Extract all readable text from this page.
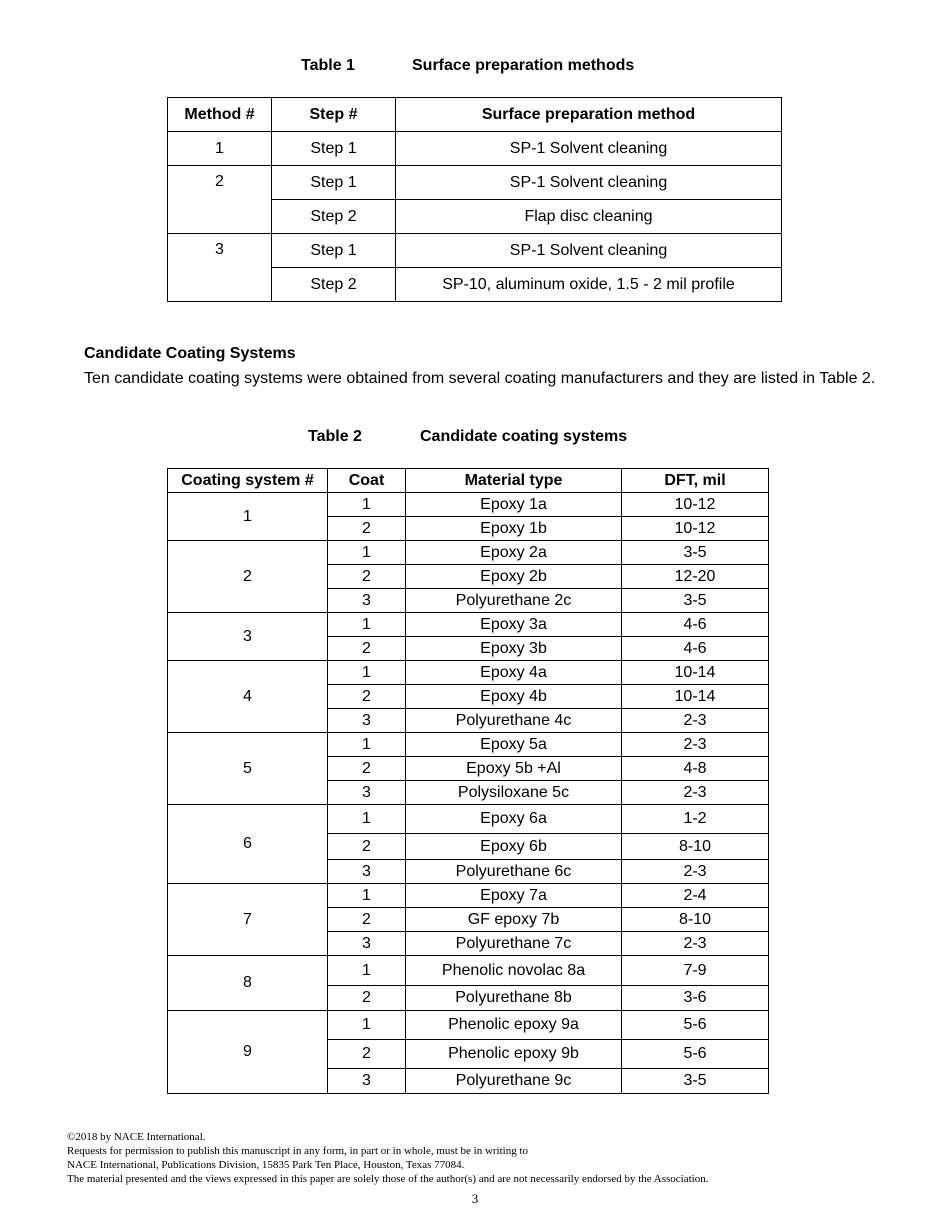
Table 1	Surface preparation methods
Method #	Step #	Surface preparation method
1	Step 1	SP-1 Solvent cleaning
2	Step 1	SP-1 Solvent cleaning
	Step 2	Flap disc cleaning
3	Step 1	SP-1 Solvent cleaning
	Step 2	SP-10, aluminum oxide, 1.5 - 2 mil profile
Candidate Coating Systems
Ten candidate coating systems were obtained from several coating manufacturers and they are listed in Table 2.
Table 2	Candidate coating systems
Coating system #	Coat	Material type	DFT, mil
1	1	Epoxy 1a	10-12
	2	Epoxy 1b	10-12
2	1	Epoxy 2a	3-5
	2	Epoxy 2b	12-20
	3	Polyurethane 2c	3-5
3	1	Epoxy 3a	4-6
	2	Epoxy 3b	4-6
4	1	Epoxy 4a	10-14
	2	Epoxy 4b	10-14
	3	Polyurethane 4c	2-3
5	1	Epoxy 5a	2-3
	2	Epoxy 5b +Al	4-8
	3	Polysiloxane 5c	2-3
6	1	Epoxy 6a	1-2
	2	Epoxy 6b	8-10
	3	Polyurethane 6c	2-3
7	1	Epoxy 7a	2-4
	2	GF epoxy 7b	8-10
	3	Polyurethane 7c	2-3
8	1	Phenolic novolac 8a	7-9
	2	Polyurethane 8b	3-6
9	1	Phenolic epoxy 9a	5-6
	2	Phenolic epoxy 9b	5-6
	3	Polyurethane 9c	3-5
©2018 by NACE International.
Requests for permission to publish this manuscript in any form, in part or in whole, must be in writing to
NACE International, Publications Division, 15835 Park Ten Place, Houston, Texas 77084.
The material presented and the views expressed in this paper are solely those of the author(s) and are not necessarily endorsed by the Association.
3
